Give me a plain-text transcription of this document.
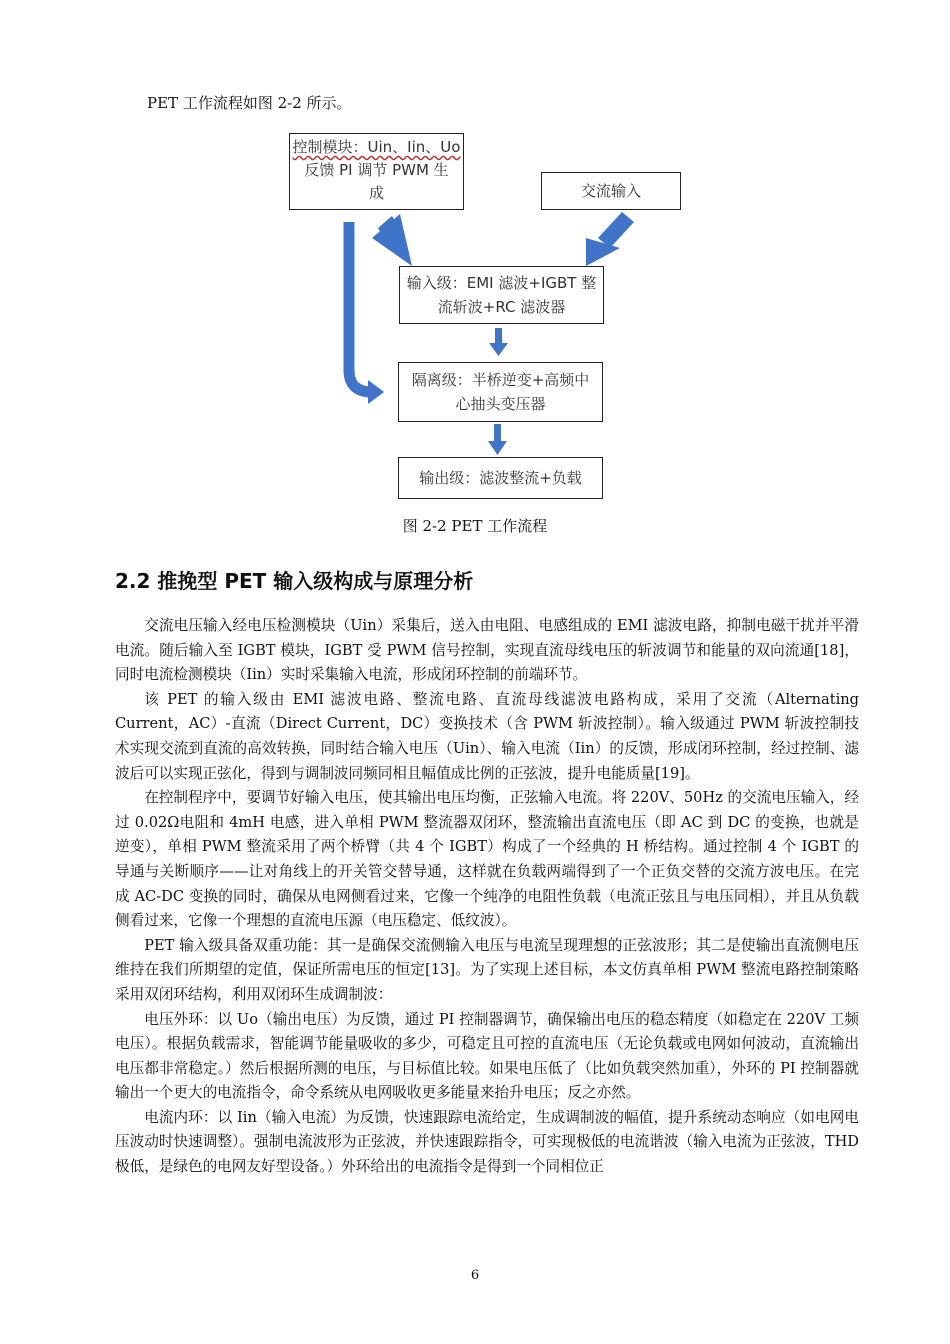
PET 工作流程如图 2-2 所示。
控制模块：Uin、Iin、Uo
反馈 PI 调节 PWM 生
成	交流输入
输入级：EMI 滤波+IGBT 整
流斩波+RC 滤波器
隔离级：半桥逆变+高频中
心抽头变压器
输出级：滤波整流+负载
图 2-2 PET 工作流程
2.2 推挽型 PET 输入级构成与原理分析

交流电压输入经电压检测模块（Uin）采集后，送入由电阻、电感组成的 EMI 滤波电路，抑制电磁干扰并平滑电流。随后输入至 IGBT 模块，IGBT 受 PWM 信号控制，实现直流母线电压的斩波调节和能量的双向流通[18]，同时电流检测模块（Iin）实时采集输入电流，形成闭环控制的前端环节。

该 PET 的输入级由 EMI 滤波电路、整流电路、直流母线滤波电路构成，采用了交流（Alternating Current，AC）-直流（Direct Current，DC）变换技术（含 PWM 斩波控制）。输入级通过 PWM 斩波控制技术实现交流到直流的高效转换，同时结合输入电压（Uin）、输入电流（Iin）的反馈，形成闭环控制，经过控制、滤波后可以实现正弦化，得到与调制波同频同相且幅值成比例的正弦波，提升电能质量[19]。

在控制程序中，要调节好输入电压，使其输出电压均衡，正弦输入电流。将 220V、50Hz 的交流电压输入，经过 0.02Ω电阻和 4mH 电感，进入单相 PWM 整流器双闭环，整流输出直流电压（即 AC 到 DC 的变换，也就是逆变），单相 PWM 整流采用了两个桥臂（共 4 个 IGBT）构成了一个经典的 H 桥结构。通过控制 4 个 IGBT 的导通与关断顺序——让对角线上的开关管交替导通，这样就在负载两端得到了一个正负交替的交流方波电压。在完成 AC-DC 变换的同时，确保从电网侧看过来，它像一个纯净的电阻性负载（电流正弦且与电压同相），并且从负载侧看过来，它像一个理想的直流电压源（电压稳定、低纹波）。

PET 输入级具备双重功能：其一是确保交流侧输入电压与电流呈现理想的正弦波形；其二是使输出直流侧电压维持在我们所期望的定值，保证所需电压的恒定[13]。为了实现上述目标，本文仿真单相 PWM 整流电路控制策略采用双闭环结构，利用双闭环生成调制波：

电压外环：以 Uo（输出电压）为反馈，通过 PI 控制器调节，确保输出电压的稳态精度（如稳定在 220V 工频电压）。根据负载需求，智能调节能量吸收的多少，可稳定且可控的直流电压（无论负载或电网如何波动，直流输出电压都非常稳定。）然后根据所测的电压，与目标值比较。如果电压低了（比如负载突然加重），外环的 PI 控制器就输出一个更大的电流指令，命令系统从电网吸收更多能量来抬升电压；反之亦然。

电流内环：以 Iin（输入电流）为反馈，快速跟踪电流给定，生成调制波的幅值，提升系统动态响应（如电网电压波动时快速调整）。强制电流波形为正弦波，并快速跟踪指令，可实现极低的电流谐波（输入电流为正弦波，THD 极低，是绿色的电网友好型设备。）外环给出的电流指令是得到一个同相位正

6
